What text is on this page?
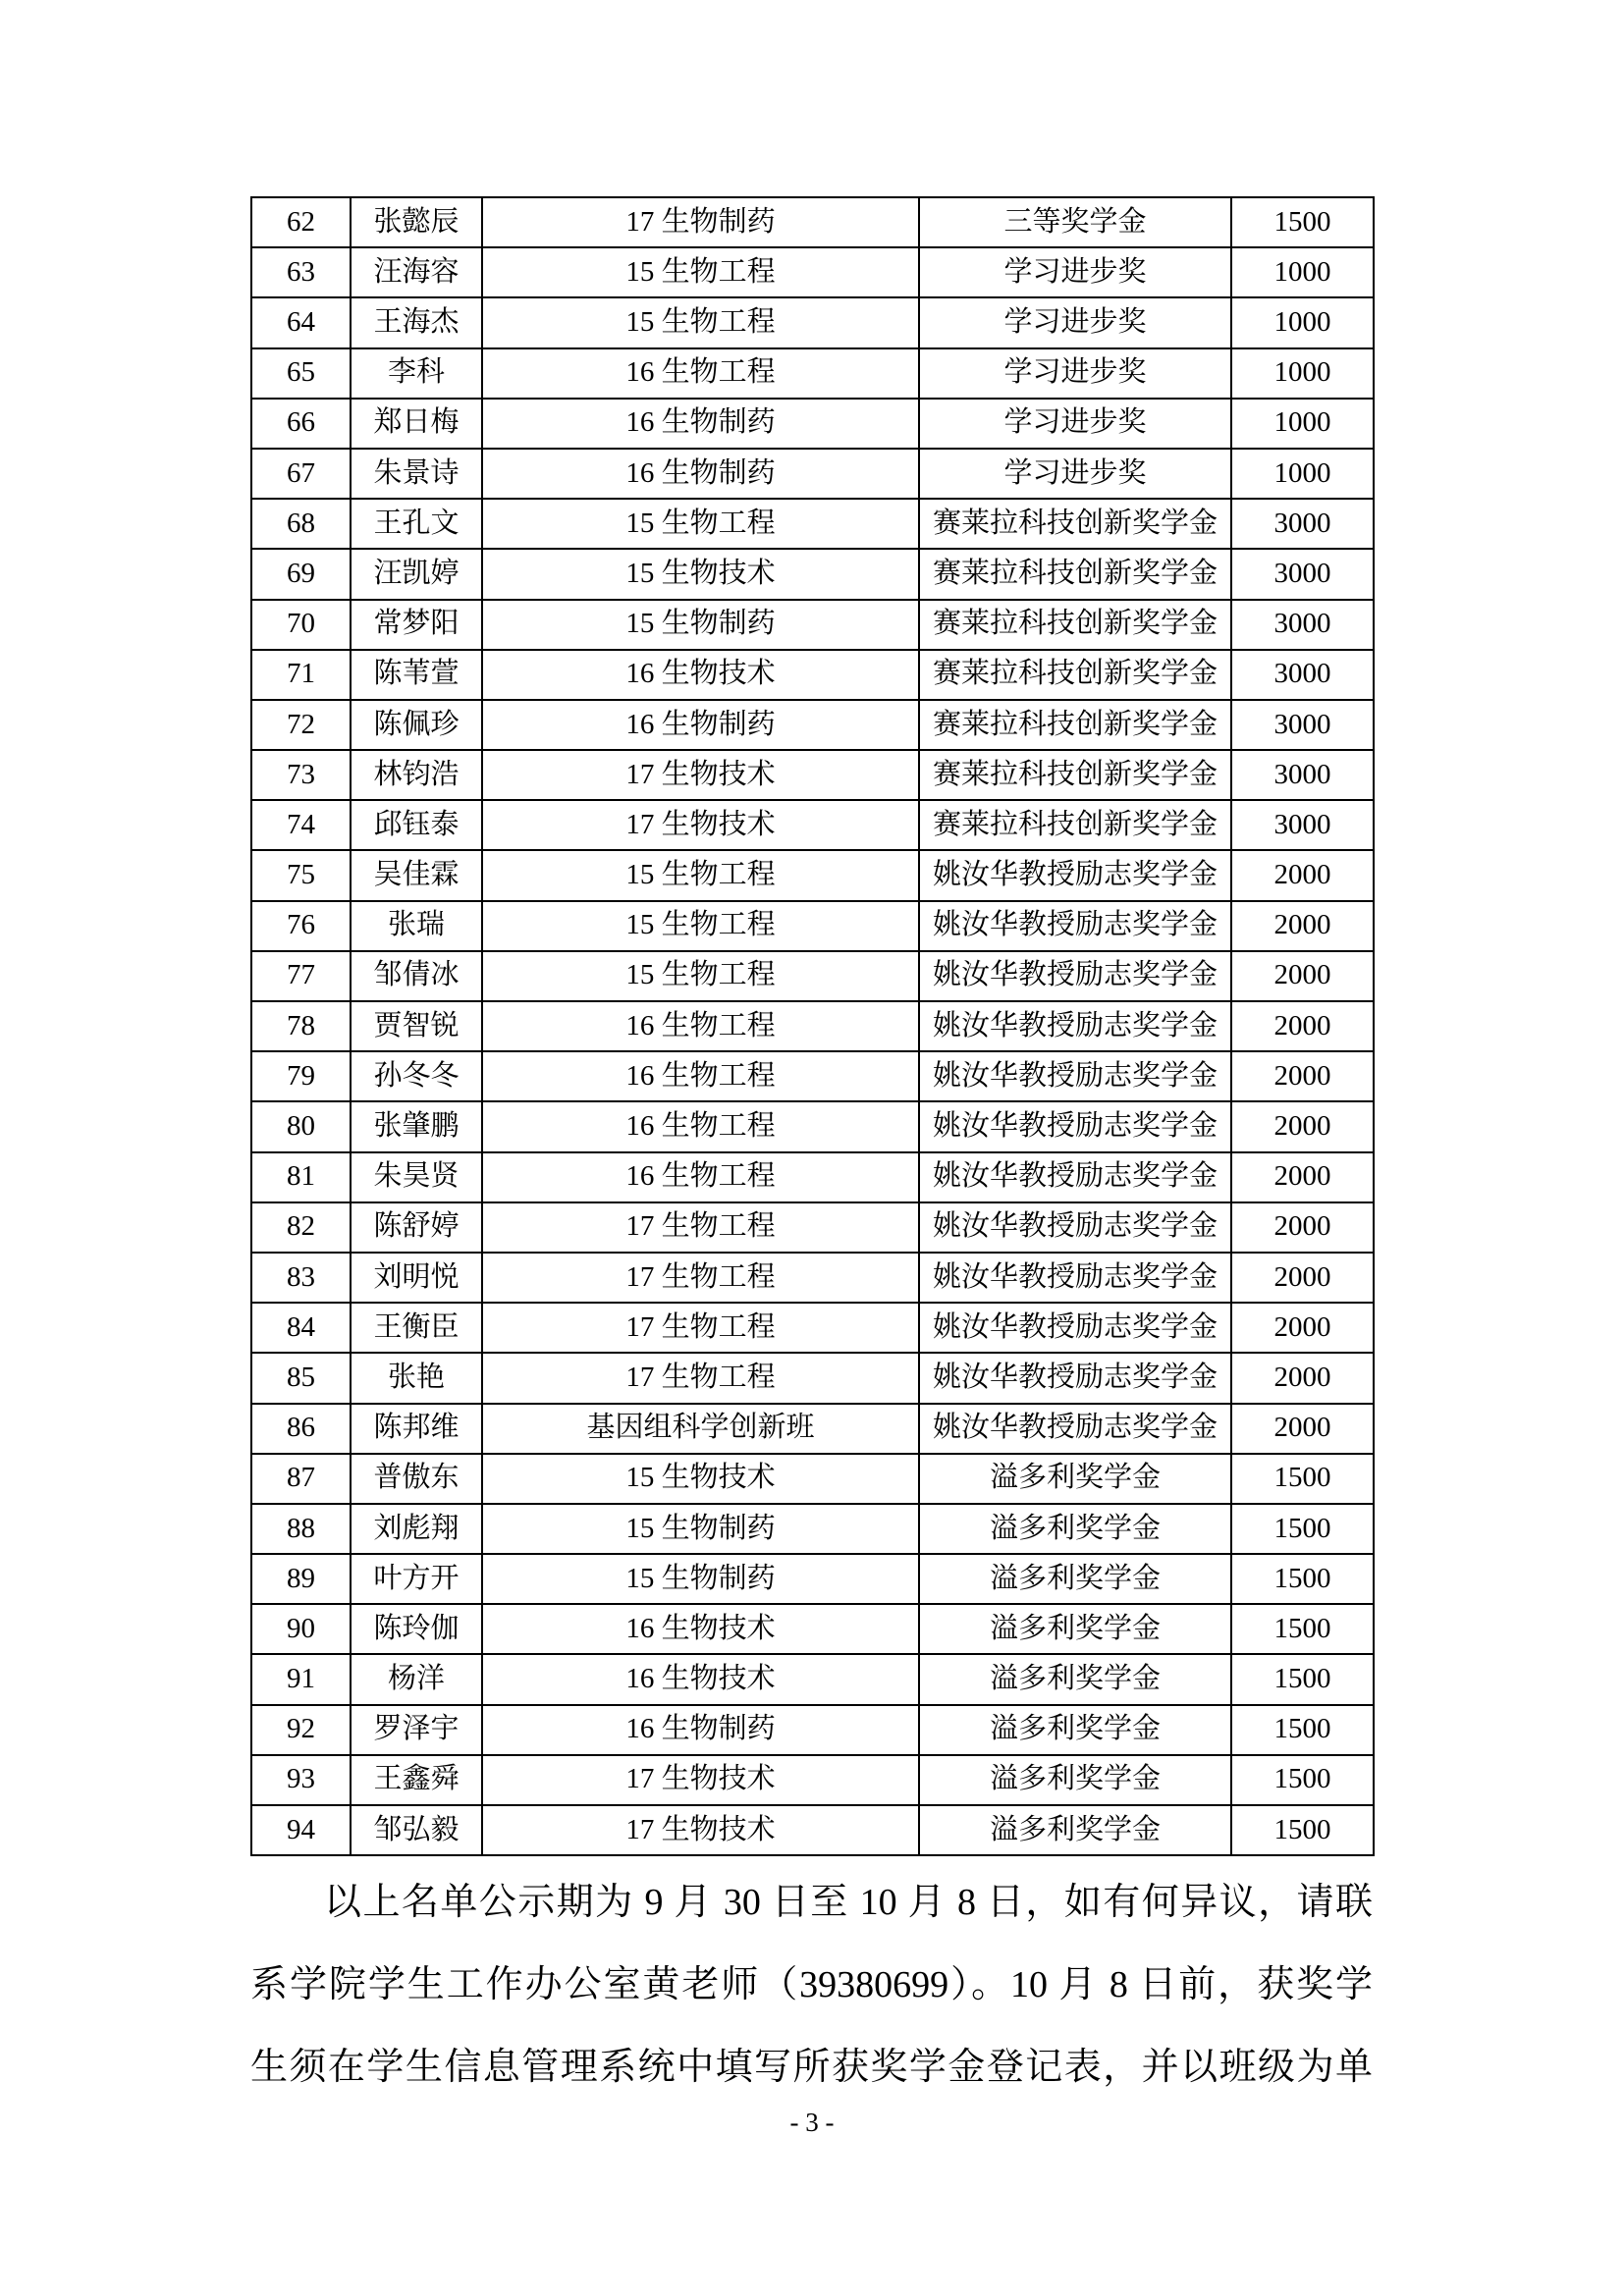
62	张懿辰	17 生物制药	三等奖学金	1500
63	汪海容	15 生物工程	学习进步奖	1000
64	王海杰	15 生物工程	学习进步奖	1000
65	李科	16 生物工程	学习进步奖	1000
66	郑日梅	16 生物制药	学习进步奖	1000
67	朱景诗	16 生物制药	学习进步奖	1000
68	王孔文	15 生物工程	赛莱拉科技创新奖学金	3000
69	汪凯婷	15 生物技术	赛莱拉科技创新奖学金	3000
70	常梦阳	15 生物制药	赛莱拉科技创新奖学金	3000
71	陈苇萱	16 生物技术	赛莱拉科技创新奖学金	3000
72	陈佩珍	16 生物制药	赛莱拉科技创新奖学金	3000
73	林钧浩	17 生物技术	赛莱拉科技创新奖学金	3000
74	邱钰泰	17 生物技术	赛莱拉科技创新奖学金	3000
75	吴佳霖	15 生物工程	姚汝华教授励志奖学金	2000
76	张瑞	15 生物工程	姚汝华教授励志奖学金	2000
77	邹倩冰	15 生物工程	姚汝华教授励志奖学金	2000
78	贾智锐	16 生物工程	姚汝华教授励志奖学金	2000
79	孙冬冬	16 生物工程	姚汝华教授励志奖学金	2000
80	张肇鹏	16 生物工程	姚汝华教授励志奖学金	2000
81	朱昊贤	16 生物工程	姚汝华教授励志奖学金	2000
82	陈舒婷	17 生物工程	姚汝华教授励志奖学金	2000
83	刘明悦	17 生物工程	姚汝华教授励志奖学金	2000
84	王衡臣	17 生物工程	姚汝华教授励志奖学金	2000
85	张艳	17 生物工程	姚汝华教授励志奖学金	2000
86	陈邦维	基因组科学创新班	姚汝华教授励志奖学金	2000
87	普傲东	15 生物技术	溢多利奖学金	1500
88	刘彪翔	15 生物制药	溢多利奖学金	1500
89	叶方开	15 生物制药	溢多利奖学金	1500
90	陈玲伽	16 生物技术	溢多利奖学金	1500
91	杨洋	16 生物技术	溢多利奖学金	1500
92	罗泽宇	16 生物制药	溢多利奖学金	1500
93	王鑫舜	17 生物技术	溢多利奖学金	1500
94	邹弘毅	17 生物技术	溢多利奖学金	1500
以上名单公示期为 9 月 30 日至 10 月 8 日，如有何异议，请联
系学院学生工作办公室黄老师（39380699）。10 月 8 日前，获奖学
生须在学生信息管理系统中填写所获奖学金登记表，并以班级为单
- 3 -
